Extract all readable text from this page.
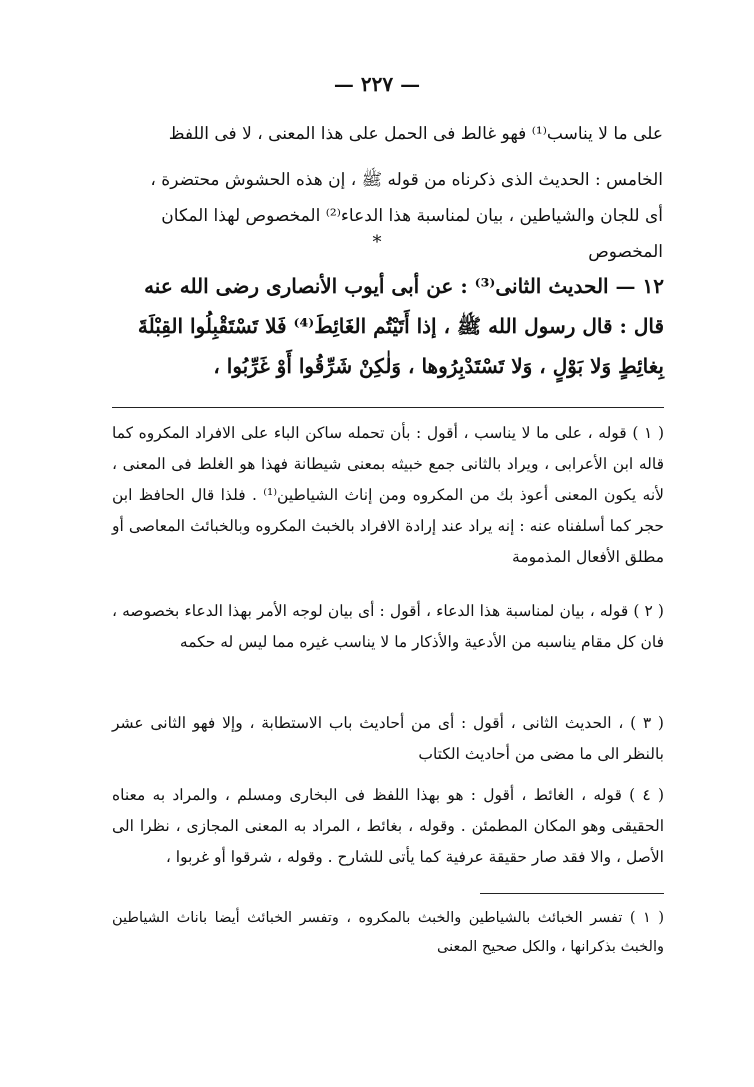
— ٢٢٧ —

على ما لا يناسب⁽¹⁾ فهو غالط فى الحمل على هذا المعنى ، لا فى اللفظ

الخامس : الحديث الذى ذكرناه من قوله ﷺ ، إن هذه الحشوش محتضرة ، أى للجان والشياطين ، بيان لمناسبة هذا الدعاء⁽²⁾ المخصوص لهذا المكان المخصوص

*

١٢ — الحديث الثانى⁽³⁾ : عن أبى أيوب الأنصارى رضى الله عنه قال : قال رسول الله ﷺ ، إذا أَتَيْتُم الغَائِطَ⁽⁴⁾ فَلا تَسْتَقْبِلُوا القِبْلَةَ بِغائِطٍ وَلا بَوْلٍ ، وَلا تَسْتَدْبِرُوها ، وَلٰكِنْ شَرِّقُوا أَوْ غَرِّبُوا ،

( ١ ) قوله ، على ما لا يناسب ، أقول : بأن تحمله ساكن الباء على الافراد المكروه كما قاله ابن الأعرابى ، ويراد بالثانى جمع خبيثه بمعنى شيطانة فهذا هو الغلط فى المعنى ، لأنه يكون المعنى أعوذ بك من المكروه ومن إناث الشياطين⁽¹⁾ . فلذا قال الحافظ ابن حجر كما أسلفناه عنه : إنه يراد عند إرادة الافراد بالخبث المكروه وبالخبائث المعاصى أو مطلق الأفعال المذمومة

( ٢ ) قوله ، بيان لمناسبة هذا الدعاء ، أقول : أى بيان لوجه الأمر بهذا الدعاء بخصوصه ، فان كل مقام يناسبه من الأدعية والأذكار ما لا يناسب غيره مما ليس له حكمه

( ٣ ) ، الحديث الثانى ، أقول : أى من أحاديث باب الاستطابة ، وإلا فهو الثانى عشر بالنظر الى ما مضى من أحاديث الكتاب

( ٤ ) قوله ، الغائط ، أقول : هو بهذا اللفظ فى البخارى ومسلم ، والمراد به معناه الحقيقى وهو المكان المطمئن . وقوله ، بغائط ، المراد به المعنى المجازى ، نظرا الى الأصل ، والا فقد صار حقيقة عرفية كما يأتى للشارح . وقوله ، شرقوا أو غربوا ،

( ١ ) تفسر الخبائث بالشياطين والخبث بالمكروه ، وتفسر الخبائث أيضا باناث الشياطين والخبث بذكرانها ، والكل صحيح المعنى
